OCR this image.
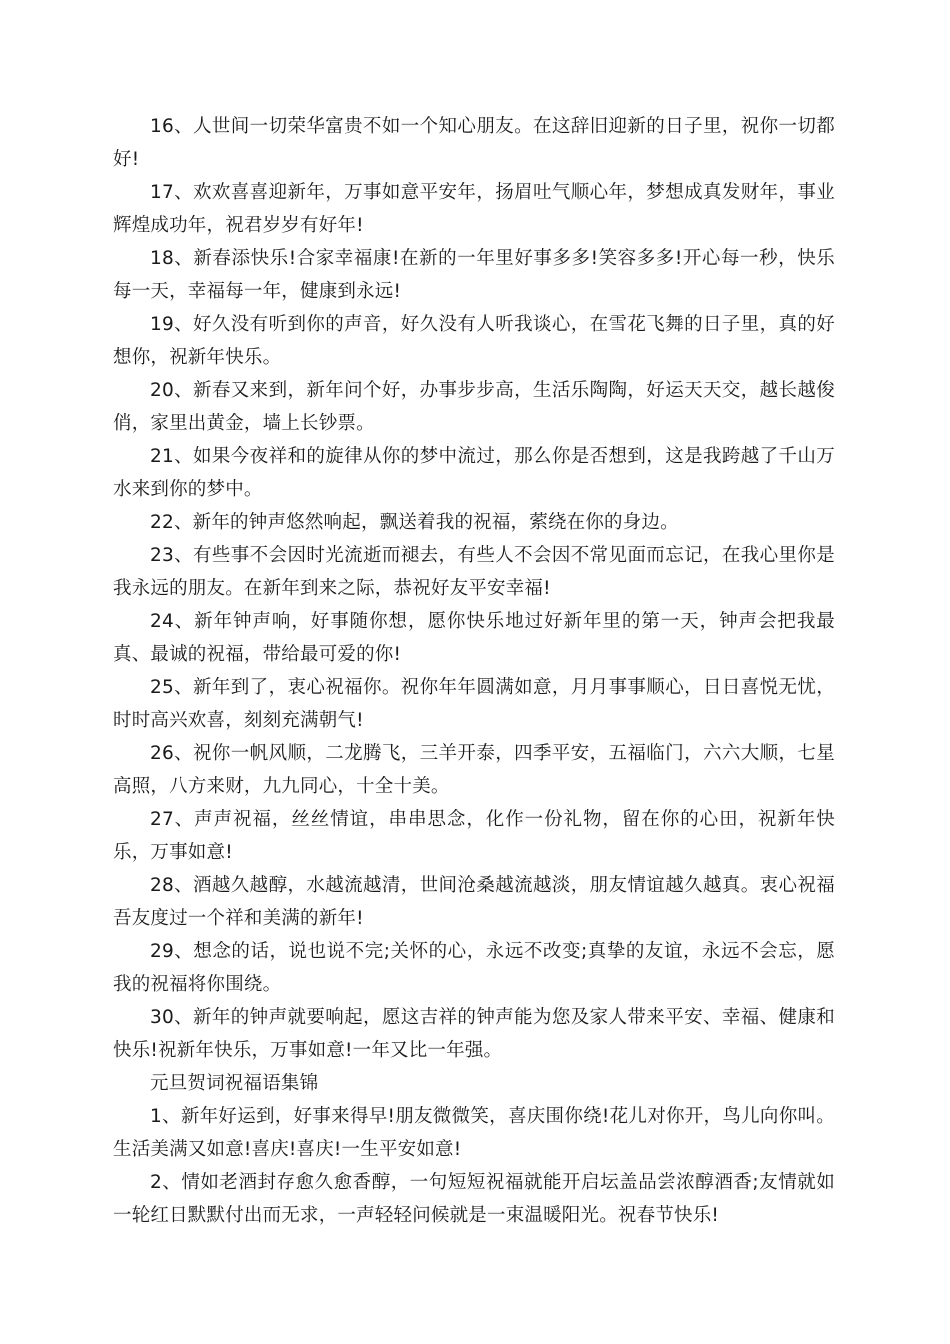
16、人世间一切荣华富贵不如一个知心朋友。在这辞旧迎新的日子里，祝你一切都好!

17、欢欢喜喜迎新年，万事如意平安年，扬眉吐气顺心年，梦想成真发财年，事业辉煌成功年，祝君岁岁有好年!

18、新春添快乐!合家幸福康!在新的一年里好事多多!笑容多多!开心每一秒，快乐每一天，幸福每一年，健康到永远!

19、好久没有听到你的声音，好久没有人听我谈心，在雪花飞舞的日子里，真的好想你，祝新年快乐。

20、新春又来到，新年问个好，办事步步高，生活乐陶陶，好运天天交，越长越俊俏，家里出黄金，墙上长钞票。

21、如果今夜祥和的旋律从你的梦中流过，那么你是否想到，这是我跨越了千山万水来到你的梦中。

22、新年的钟声悠然响起，飘送着我的祝福，萦绕在你的身边。

23、有些事不会因时光流逝而褪去，有些人不会因不常见面而忘记，在我心里你是我永远的朋友。在新年到来之际，恭祝好友平安幸福!

24、新年钟声响，好事随你想，愿你快乐地过好新年里的第一天，钟声会把我最真、最诚的祝福，带给最可爱的你!

25、新年到了，衷心祝福你。祝你年年圆满如意，月月事事顺心，日日喜悦无忧，时时高兴欢喜，刻刻充满朝气!

26、祝你一帆风顺，二龙腾飞，三羊开泰，四季平安，五福临门，六六大顺，七星高照，八方来财，九九同心，十全十美。

27、声声祝福，丝丝情谊，串串思念，化作一份礼物，留在你的心田，祝新年快乐，万事如意!

28、酒越久越醇，水越流越清，世间沧桑越流越淡，朋友情谊越久越真。衷心祝福吾友度过一个祥和美满的新年!

29、想念的话，说也说不完;关怀的心，永远不改变;真挚的友谊，永远不会忘，愿我的祝福将你围绕。

30、新年的钟声就要响起，愿这吉祥的钟声能为您及家人带来平安、幸福、健康和快乐!祝新年快乐，万事如意!一年又比一年强。

元旦贺词祝福语集锦

1、新年好运到，好事来得早!朋友微微笑，喜庆围你绕!花儿对你开，鸟儿向你叫。生活美满又如意!喜庆!喜庆!一生平安如意!

2、情如老酒封存愈久愈香醇，一句短短祝福就能开启坛盖品尝浓醇酒香;友情就如一轮红日默默付出而无求，一声轻轻问候就是一束温暖阳光。祝春节快乐!
